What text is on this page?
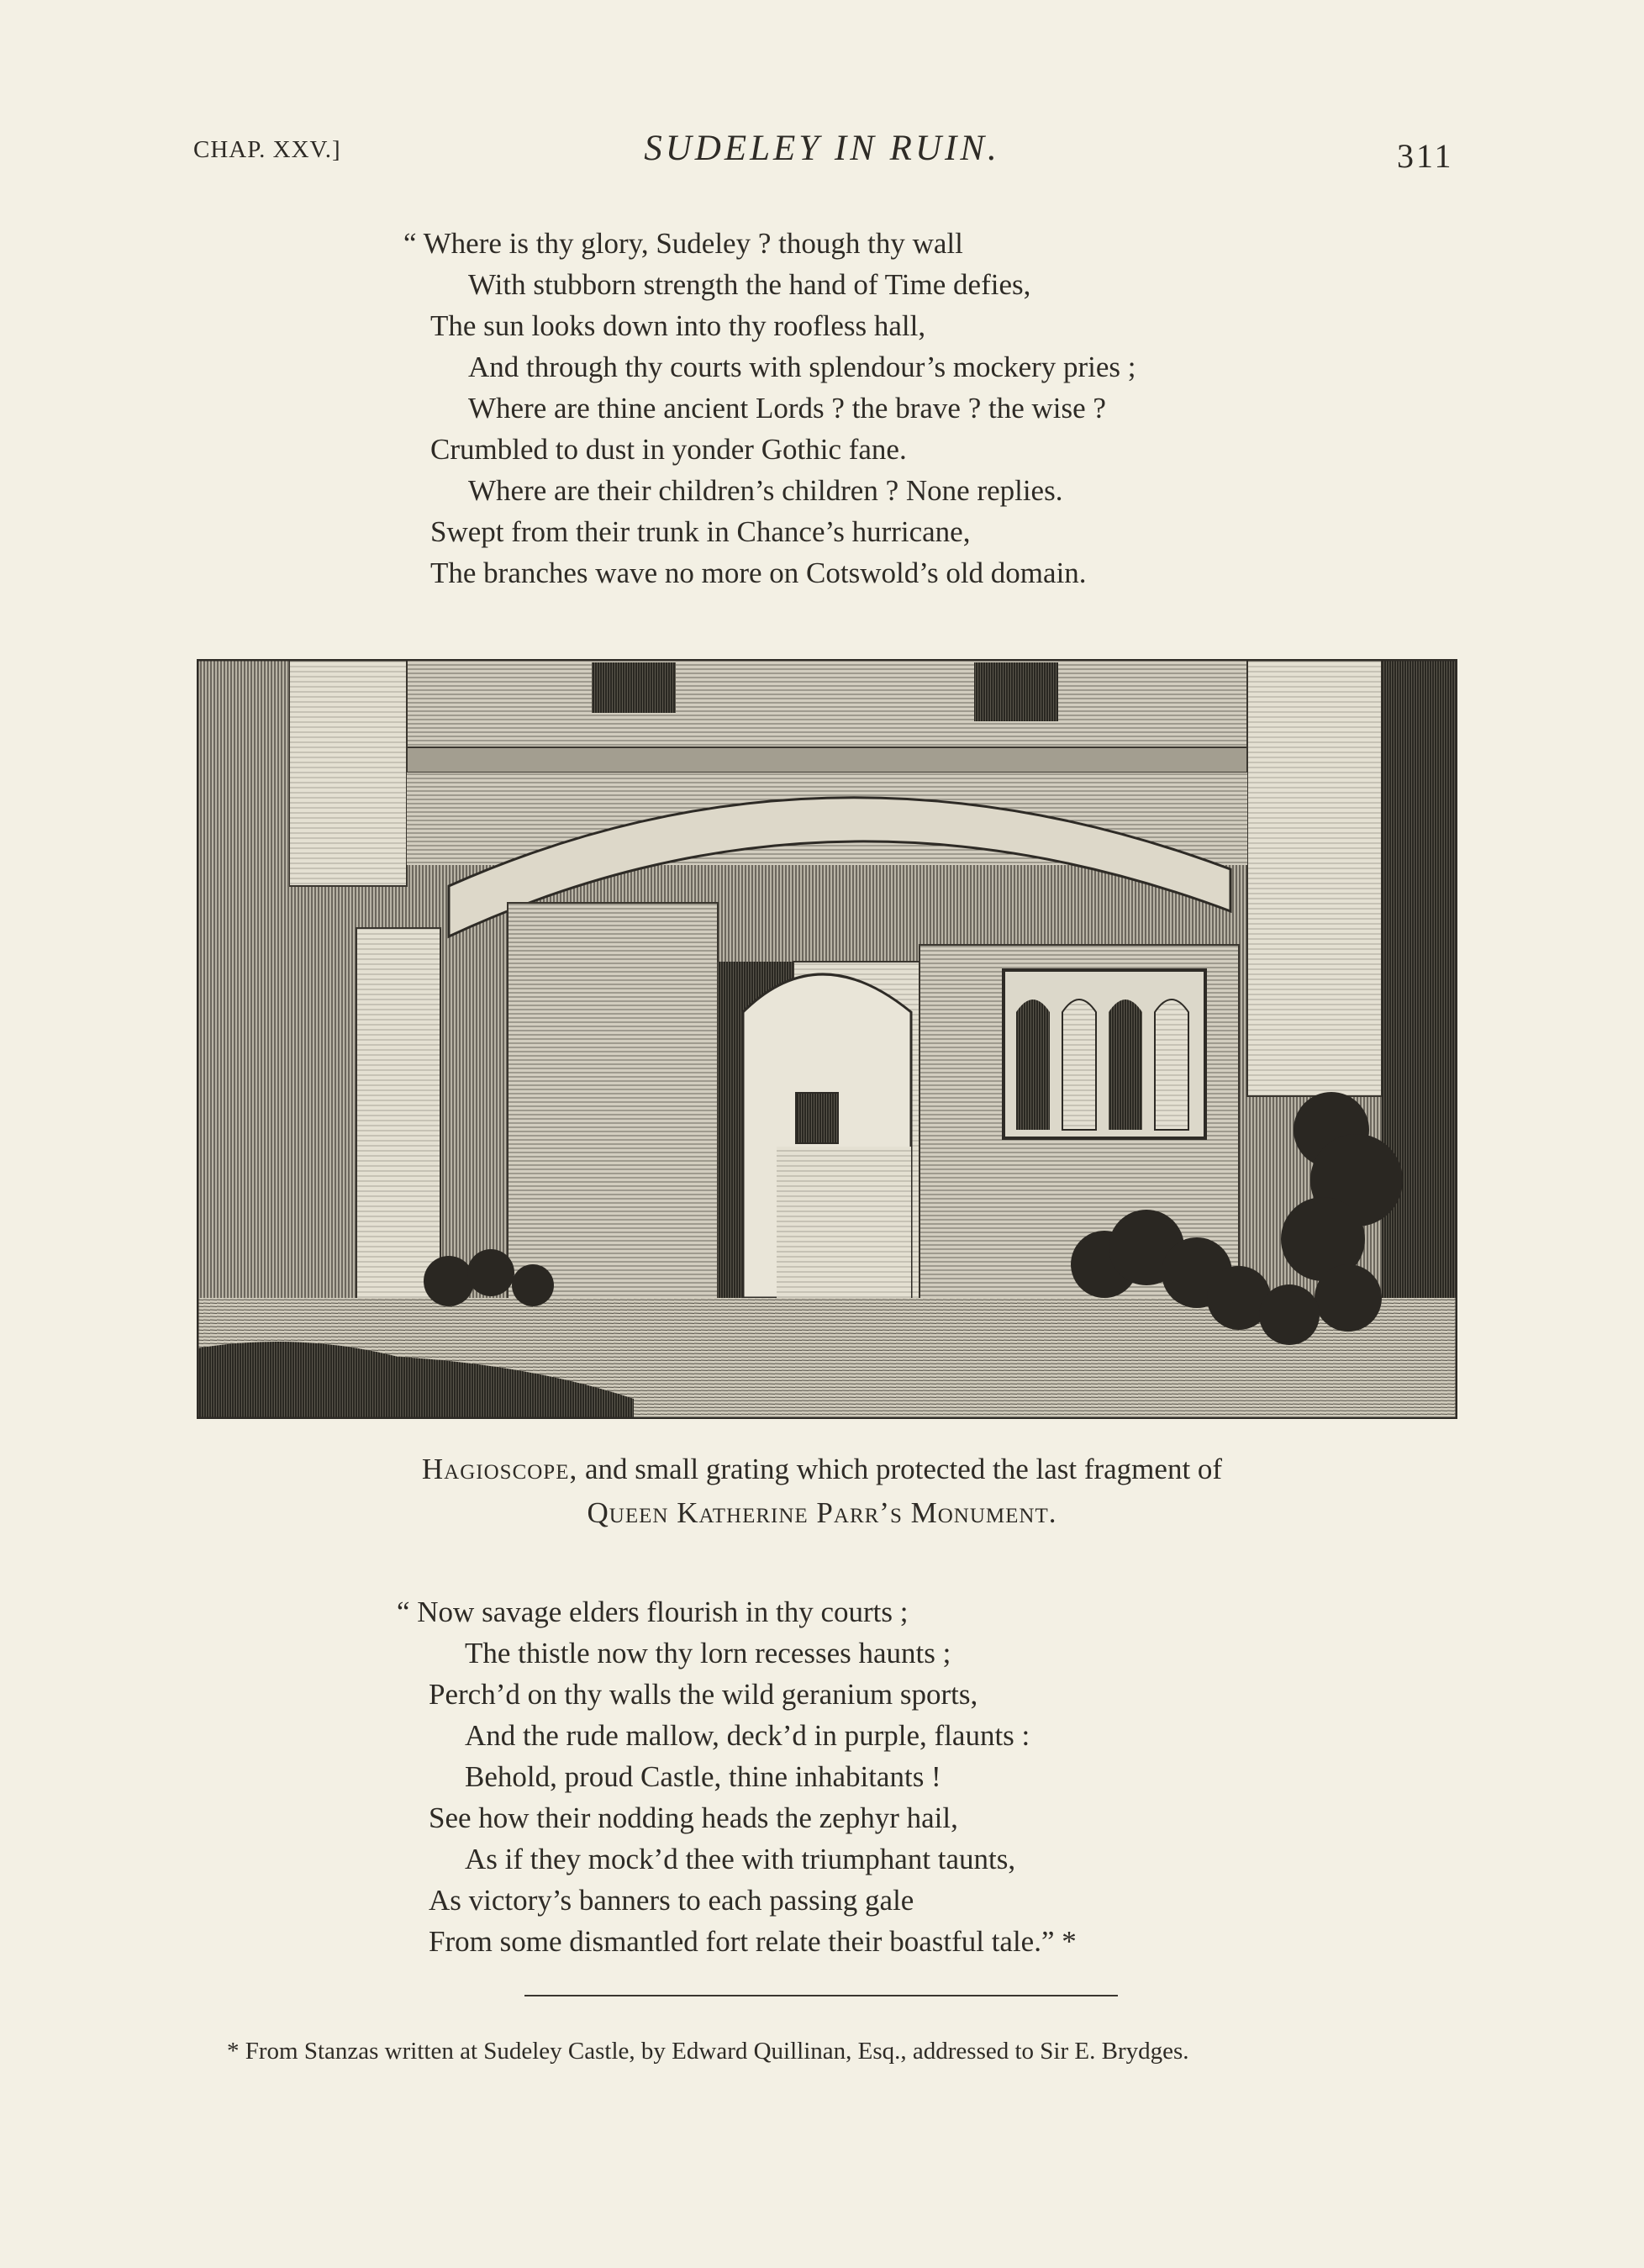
CHAP. XXV.]	SUDELEY IN RUIN.	311
“ Where is thy glory, Sudeley ? though thy wall
With stubborn strength the hand of Time defies,
The sun looks down into thy roofless hall,
And through thy courts with splendour’s mockery pries ;
Where are thine ancient Lords ? the brave ? the wise ?
Crumbled to dust in yonder Gothic fane.
Where are their children’s children ? None replies.
Swept from their trunk in Chance’s hurricane,
The branches wave no more on Cotswold’s old domain.
Hagioscope, and small grating which protected the last fragment of
Queen Katherine Parr’s Monument.
“ Now savage elders flourish in thy courts ;
The thistle now thy lorn recesses haunts ;
Perch’d on thy walls the wild geranium sports,
And the rude mallow, deck’d in purple, flaunts :
Behold, proud Castle, thine inhabitants !
See how their nodding heads the zephyr hail,
As if they mock’d thee with triumphant taunts,
As victory’s banners to each passing gale
From some dismantled fort relate their boastful tale.” *
* From Stanzas written at Sudeley Castle, by Edward Quillinan, Esq., addressed to Sir E. Brydges.
